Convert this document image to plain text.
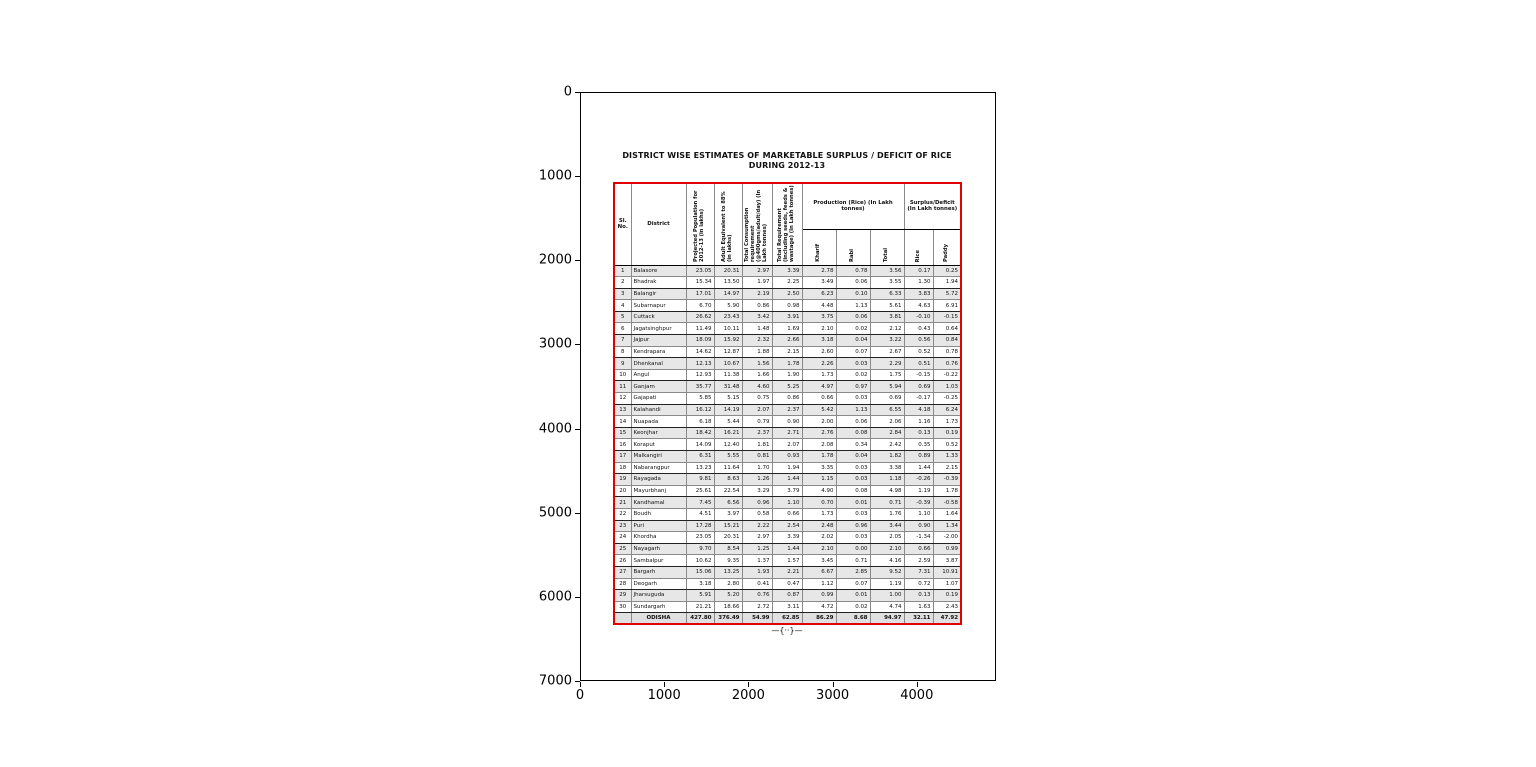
0
1000
2000
3000
4000
5000
6000
7000
0	1000	2000	3000	4000
DISTRICT WISE ESTIMATES OF MARKETABLE SURPLUS / DEFICIT OF RICE
DURING 2012-13
Sl. No.	District	Projected Population for 2012-13 (in lakhs)	Adult Equivalent to 88% (in lakhs)	Total Consumption requirement (@400gms/adult/day) (In Lakh tonnes)	Total Requirement (including seeds, feeds & wastage) (In Lakh tonnes)	Production (Rice) (In Lakh tonnes)			Surplus/Deficit (In Lakh tonnes)	
						Kharif	Rabi	Total	Rice	Paddy
1	Balasore	23.05	20.31	2.97	3.39	2.78	0.78	3.56	0.17	0.25
2	Bhadrak	15.34	13.50	1.97	2.25	3.49	0.06	3.55	1.30	1.94
3	Balangir	17.01	14.97	2.19	2.50	6.23	0.10	6.33	3.83	5.72
4	Subarnapur	6.70	5.90	0.86	0.98	4.48	1.13	5.61	4.63	6.91
5	Cuttack	26.62	23.43	3.42	3.91	3.75	0.06	3.81	-0.10	-0.15
6	Jagatsinghpur	11.49	10.11	1.48	1.69	2.10	0.02	2.12	0.43	0.64
7	Jajpur	18.09	15.92	2.32	2.66	3.18	0.04	3.22	0.56	0.84
8	Kendrapara	14.62	12.87	1.88	2.15	2.60	0.07	2.67	0.52	0.78
9	Dhenkanal	12.13	10.67	1.56	1.78	2.26	0.03	2.29	0.51	0.76
10	Angul	12.93	11.38	1.66	1.90	1.73	0.02	1.75	-0.15	-0.22
11	Ganjam	35.77	31.48	4.60	5.25	4.97	0.97	5.94	0.69	1.03
12	Gajapati	5.85	5.15	0.75	0.86	0.66	0.03	0.69	-0.17	-0.25
13	Kalahandi	16.12	14.19	2.07	2.37	5.42	1.13	6.55	4.18	6.24
14	Nuapada	6.18	5.44	0.79	0.90	2.00	0.06	2.06	1.16	1.73
15	Keonjhar	18.42	16.21	2.37	2.71	2.76	0.08	2.84	0.13	0.19
16	Koraput	14.09	12.40	1.81	2.07	2.08	0.34	2.42	0.35	0.52
17	Malkangiri	6.31	5.55	0.81	0.93	1.78	0.04	1.82	0.89	1.33
18	Nabarangpur	13.23	11.64	1.70	1.94	3.35	0.03	3.38	1.44	2.15
19	Rayagada	9.81	8.63	1.26	1.44	1.15	0.03	1.18	-0.26	-0.39
20	Mayurbhanj	25.61	22.54	3.29	3.79	4.90	0.08	4.98	1.19	1.78
21	Kandhamal	7.45	6.56	0.96	1.10	0.70	0.01	0.71	-0.39	-0.58
22	Boudh	4.51	3.97	0.58	0.66	1.73	0.03	1.76	1.10	1.64
23	Puri	17.28	15.21	2.22	2.54	2.48	0.96	3.44	0.90	1.34
24	Khordha	23.05	20.31	2.97	3.39	2.02	0.03	2.05	-1.34	-2.00
25	Nayagarh	9.70	8.54	1.25	1.44	2.10	0.00	2.10	0.66	0.99
26	Sambalpur	10.62	9.35	1.37	1.57	3.45	0.71	4.16	2.59	3.87
27	Bargarh	15.06	13.25	1.93	2.21	6.67	2.85	9.52	7.31	10.91
28	Deogarh	3.18	2.80	0.41	0.47	1.12	0.07	1.19	0.72	1.07
29	Jharsuguda	5.91	5.20	0.76	0.87	0.99	0.01	1.00	0.13	0.19
30	Sundargarh	21.21	18.66	2.72	3.11	4.72	0.02	4.74	1.63	2.43
	ODISHA	427.80	376.49	54.99	62.85	86.29	8.68	94.97	32.11	47.92
—{··}—
